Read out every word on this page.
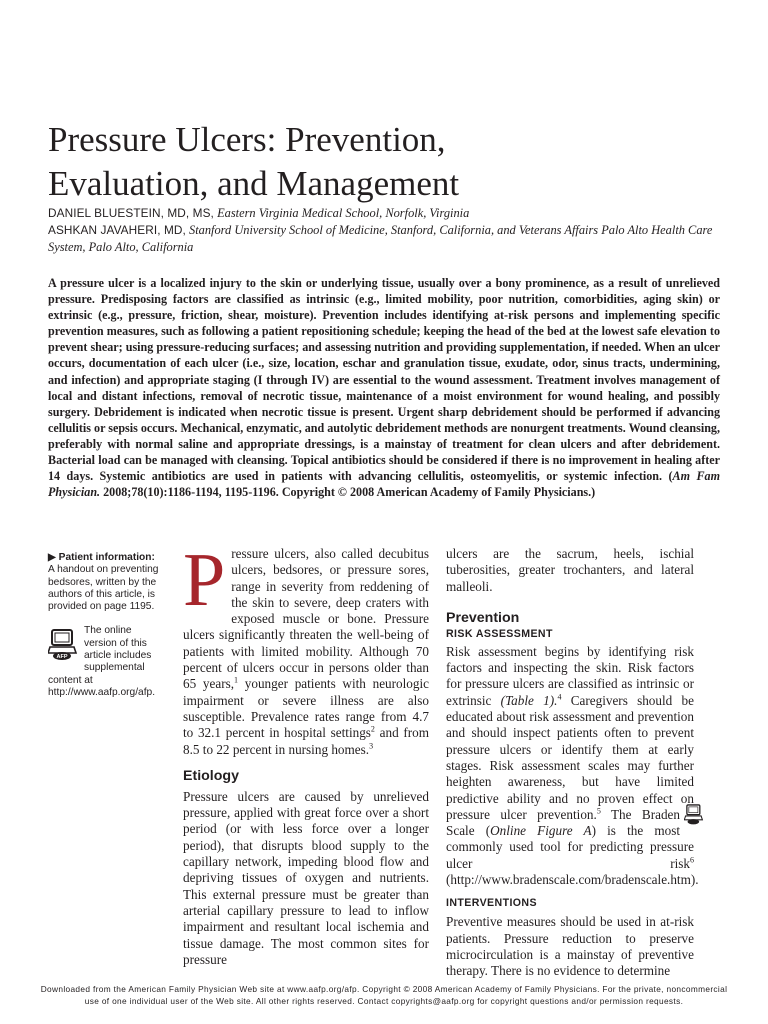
Pressure Ulcers: Prevention,
Evaluation, and Management
DANIEL BLUESTEIN, MD, MS, Eastern Virginia Medical School, Norfolk, Virginia
ASHKAN JAVAHERI, MD, Stanford University School of Medicine, Stanford, California, and Veterans Affairs Palo Alto Health Care System, Palo Alto, California

A pressure ulcer is a localized injury to the skin or underlying tissue, usually over a bony prominence, as a result of unrelieved pressure. Predisposing factors are classified as intrinsic (e.g., limited mobility, poor nutrition, comorbidities, aging skin) or extrinsic (e.g., pressure, friction, shear, moisture). Prevention includes identifying at-risk persons and implementing specific prevention measures, such as following a patient repositioning schedule; keeping the head of the bed at the lowest safe elevation to prevent shear; using pressure-reducing surfaces; and assessing nutrition and providing supplementation, if needed. When an ulcer occurs, documentation of each ulcer (i.e., size, location, eschar and granulation tissue, exudate, odor, sinus tracts, undermining, and infection) and appropriate staging (I through IV) are essential to the wound assessment. Treatment involves management of local and distant infections, removal of necrotic tissue, maintenance of a moist environment for wound healing, and possibly surgery. Debridement is indicated when necrotic tissue is present. Urgent sharp debridement should be performed if advancing cellulitis or sepsis occurs. Mechanical, enzymatic, and autolytic debridement methods are nonurgent treatments. Wound cleansing, preferably with normal saline and appropriate dressings, is a mainstay of treatment for clean ulcers and after debridement. Bacterial load can be managed with cleansing. Topical antibiotics should be considered if there is no improvement in healing after 14 days. Systemic antibiotics are used in patients with advancing cellulitis, osteomyelitis, or systemic infection. (Am Fam Physician. 2008;78(10):1186-1194, 1195-1196. Copyright © 2008 American Academy of Family Physicians.)

▶ Patient information: A handout on preventing bedsores, written by the authors of this article, is provided on page 1195.
AFP
The online version of this article includes supplemental content at http://www.aafp.org/afp.

Pressure ulcers, also called decubitus ulcers, bedsores, or pressure sores, range in severity from reddening of the skin to severe, deep craters with exposed muscle or bone. Pressure ulcers significantly threaten the well-being of patients with limited mobility. Although 70 percent of ulcers occur in persons older than 65 years,$^1$ younger patients with neurologic impairment or severe illness are also susceptible. Prevalence rates range from 4.7 to 32.1 percent in hospital settings$^2$ and from 8.5 to 22 percent in nursing homes.$^3$

Etiology

Pressure ulcers are caused by unrelieved pressure, applied with great force over a short period (or with less force over a longer period), that disrupts blood supply to the capillary network, impeding blood flow and depriving tissues of oxygen and nutrients. This external pressure must be greater than arterial capillary pressure to lead to inflow impairment and resultant local ischemia and tissue damage. The most common sites for pressure

ulcers are the sacrum, heels, ischial tuberosities, greater trochanters, and lateral malleoli.

Prevention
RISK ASSESSMENT

Risk assessment begins by identifying risk factors and inspecting the skin. Risk factors for pressure ulcers are classified as intrinsic or extrinsic (Table 1).$^4$ Caregivers should be educated about risk assessment and prevention and should inspect patients often to prevent pressure ulcers or identify them at early stages. Risk assessment scales may further heighten awareness, but have limited predictive ability and no proven effect on pressure ulcer prevention.$^5$
The Braden Scale (Online Figure A) is the most commonly used tool for predicting pressure ulcer risk$^6$ (http://www.bradenscale.com/bradenscale.htm).

INTERVENTIONS

Preventive measures should be used in at-risk patients. Pressure reduction to preserve microcirculation is a mainstay of preventive therapy. There is no evidence to determine

Downloaded from the American Family Physician Web site at www.aafp.org/afp. Copyright © 2008 American Academy of Family Physicians. For the private, noncommercial
use of one individual user of the Web site. All other rights reserved. Contact copyrights@aafp.org for copyright questions and/or permission requests.
